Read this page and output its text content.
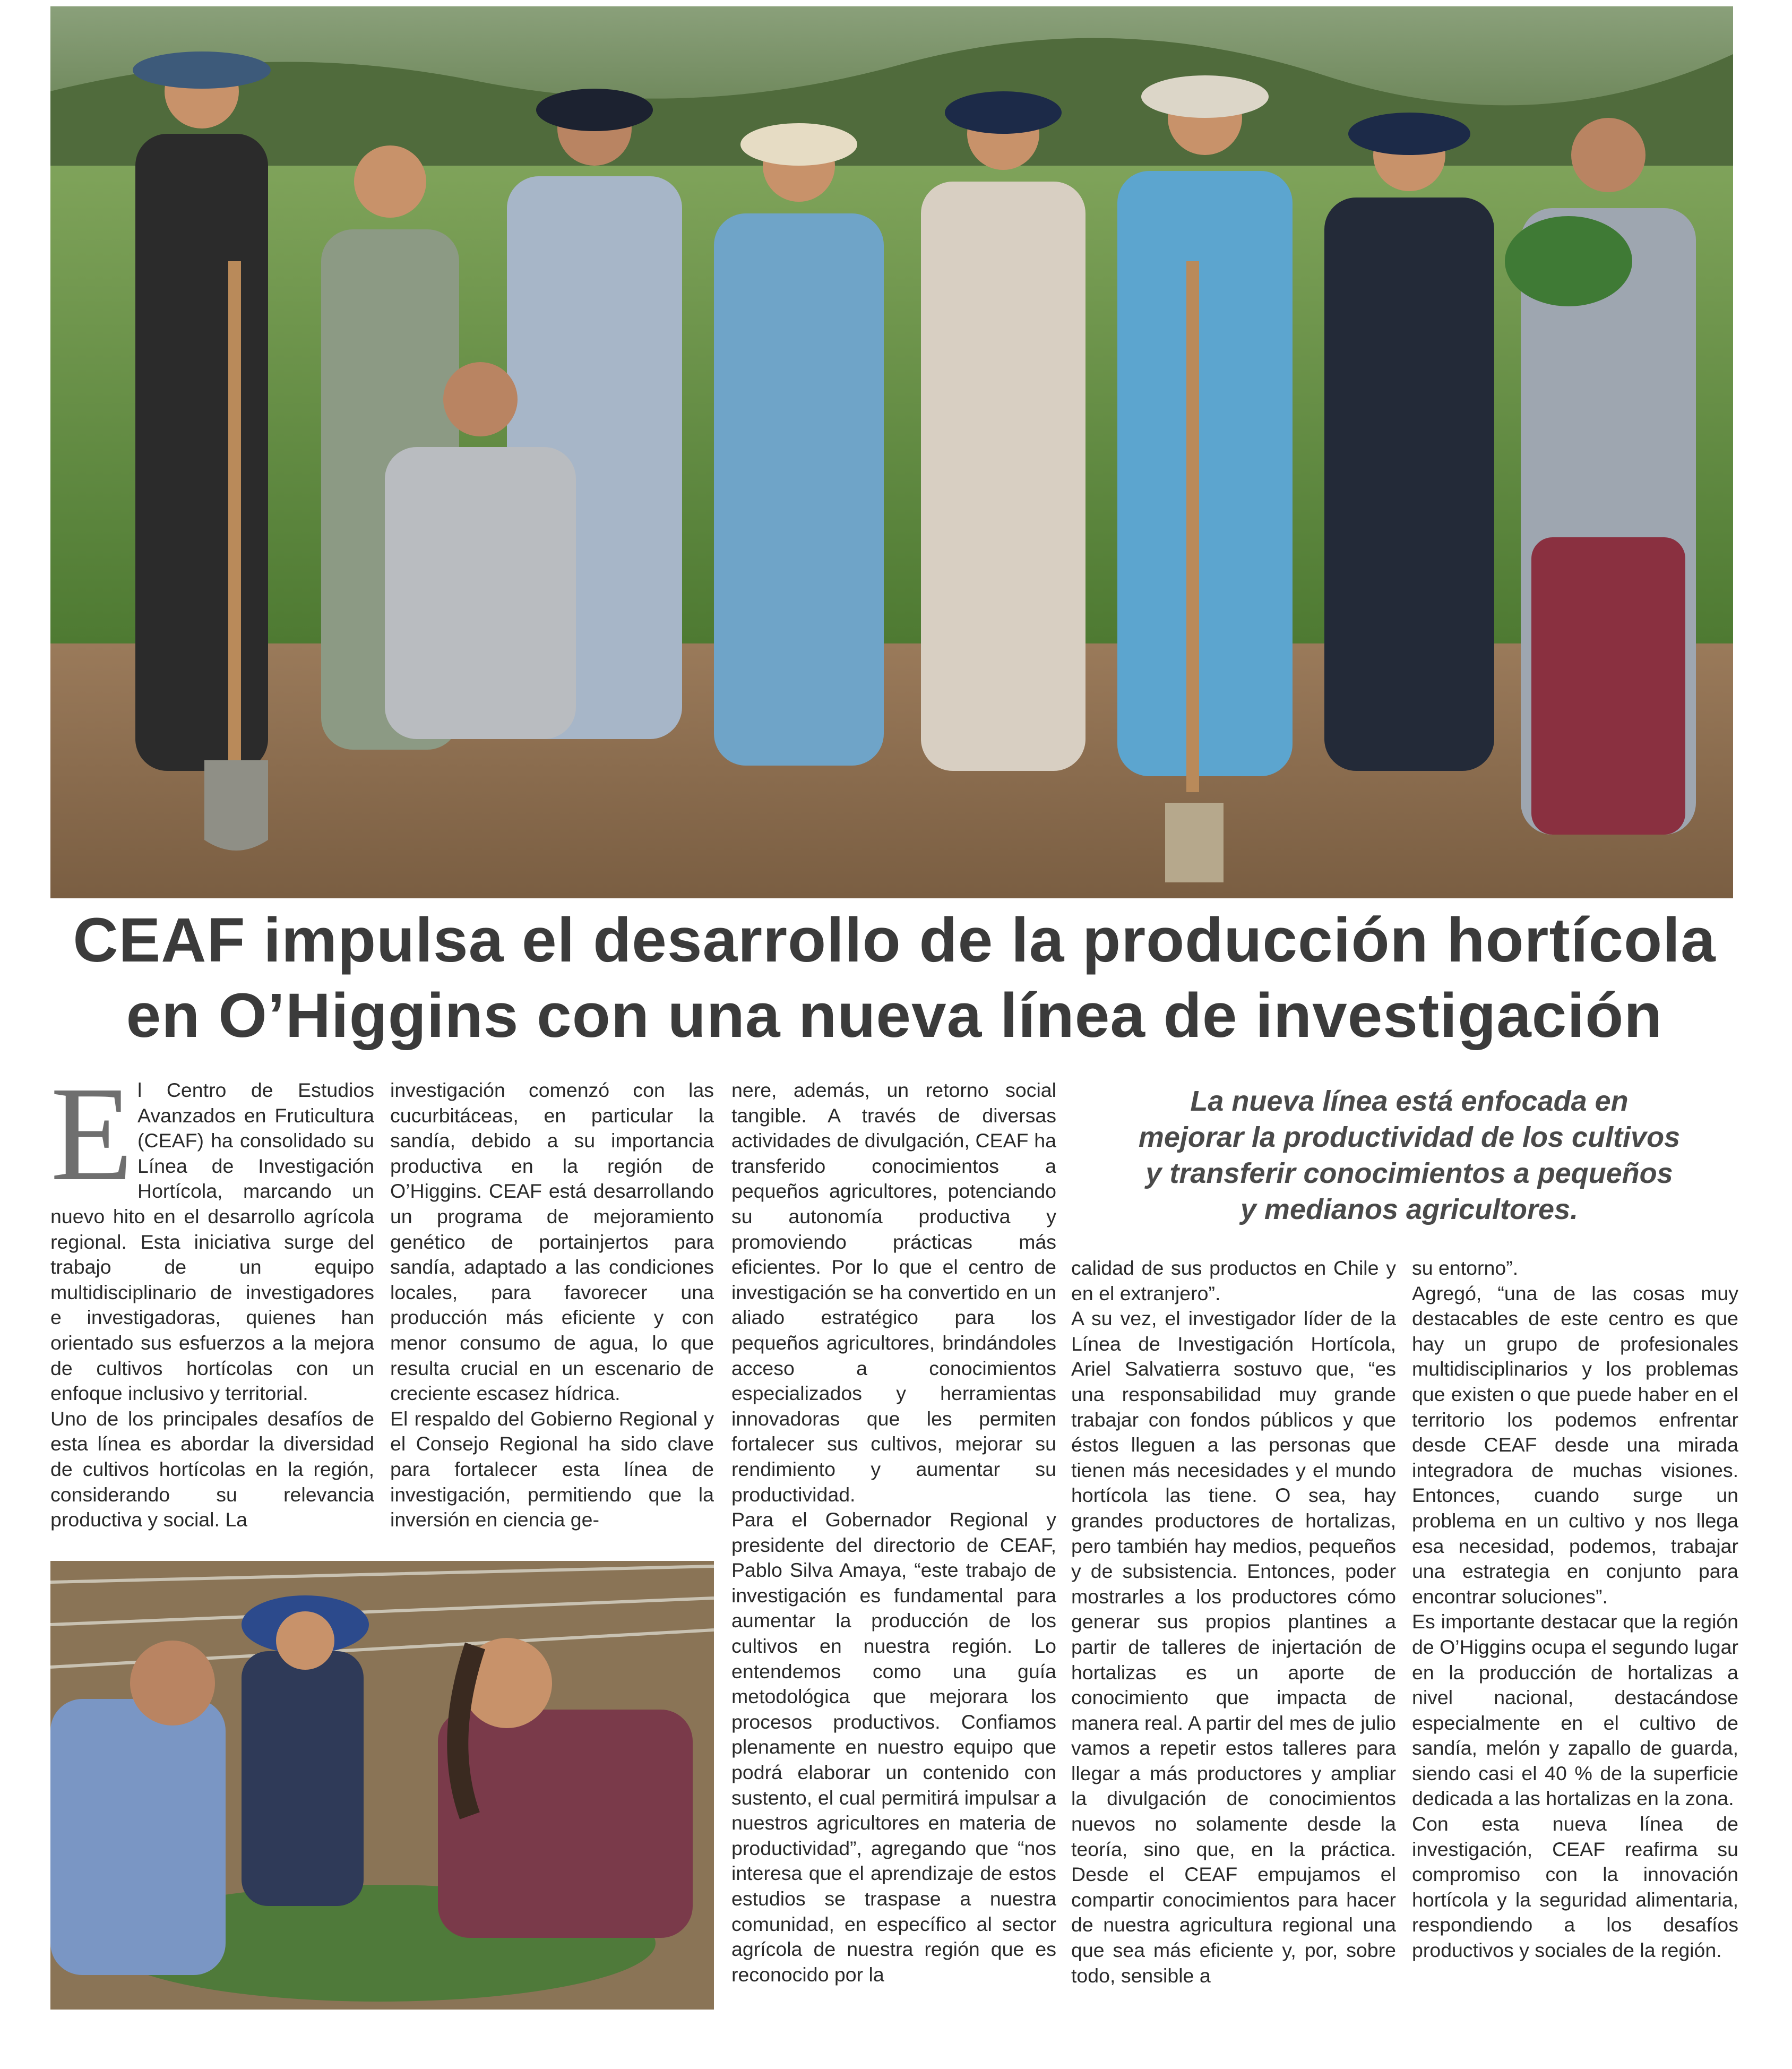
CEAF impulsa el desarrollo de la producción hortícola
en O’Higgins con una nueva línea de investigación
E l Centro de Estudios Avanzados en Fruticultura (CEAF) ha consolidado su Línea de Investigación Hortícola, marcando un nuevo hito en el desarrollo agrícola regional. Esta iniciativa surge del trabajo de un equipo multidisciplinario de investigadores e investigadoras, quienes han orientado sus esfuerzos a la mejora de cultivos hortícolas con un enfoque inclusivo y territorial.

Uno de los principales desafíos de esta línea es abordar la diversidad de cultivos hortícolas en la región, considerando su relevancia productiva y social. La

investigación comenzó con las cucurbitáceas, en particular la sandía, debido a su importancia productiva en la región de O’Higgins. CEAF está desarrollando un programa de mejoramiento genético de portainjertos para sandía, adaptado a las condiciones locales, para favorecer una producción más eficiente y con menor consumo de agua, lo que resulta crucial en un escenario de creciente escasez hídrica.

El respaldo del Gobierno Regional y el Consejo Regional ha sido clave para fortalecer esta línea de investigación, permitiendo que la inversión en ciencia ge-

nere, además, un retorno social tangible. A través de diversas actividades de divulgación, CEAF ha transferido conocimientos a pequeños agricultores, potenciando su autonomía productiva y promoviendo prácticas más eficientes. Por lo que el centro de investigación se ha convertido en un aliado estratégico para los pequeños agricultores, brindándoles acceso a conocimientos especializados y herramientas innovadoras que les permiten fortalecer sus cultivos, mejorar su rendimiento y aumentar su productividad.

Para el Gobernador Regional y presidente del directorio de CEAF, Pablo Silva Amaya, “este trabajo de investigación es fundamental para aumentar la producción de los cultivos en nuestra región. Lo entendemos como una guía metodológica que mejorara los procesos productivos. Confiamos plenamente en nuestro equipo que podrá elaborar un contenido con sustento, el cual permitirá impulsar a nuestros agricultores en materia de productividad”, agregando que “nos interesa que el aprendizaje de estos estudios se traspase a nuestra comunidad, en específico al sector agrícola de nuestra región que es reconocido por la

La nueva línea está enfocada en
mejorar la productividad de los cultivos
y transferir conocimientos a pequeños
y medianos agricultores.

calidad de sus productos en Chile y en el extranjero”.

A su vez, el investigador líder de la Línea de Investigación Hortícola, Ariel Salvatierra sostuvo que, “es una responsabilidad muy grande trabajar con fondos públicos y que éstos lleguen a las personas que tienen más necesidades y el mundo hortícola las tiene. O sea, hay grandes productores de hortalizas, pero también hay medios, pequeños y de subsistencia. Entonces, poder mostrarles a los productores cómo generar sus propios plantines a partir de talleres de injertación de hortalizas es un aporte de conocimiento que impacta de manera real. A partir del mes de julio vamos a repetir estos talleres para llegar a más productores y ampliar la divulgación de conocimientos nuevos no solamente desde la teoría, sino que, en la práctica. Desde el CEAF empujamos el compartir conocimientos para hacer de nuestra agricultura regional una que sea más eficiente y, por, sobre todo, sensible a

su entorno”.

Agregó, “una de las cosas muy destacables de este centro es que hay un grupo de profesionales multidisciplinarios y los problemas que existen o que puede haber en el territorio los podemos enfrentar desde CEAF desde una mirada integradora de muchas visiones. Entonces, cuando surge un problema en un cultivo y nos llega esa necesidad, podemos, trabajar una estrategia en conjunto para encontrar soluciones”.

Es importante destacar que la región de O’Higgins ocupa el segundo lugar en la producción de hortalizas a nivel nacional, destacándose especialmente en el cultivo de sandía, melón y zapallo de guarda, siendo casi el 40 % de la superficie dedicada a las hortalizas en la zona.

Con esta nueva línea de investigación, CEAF reafirma su compromiso con la innovación hortícola y la seguridad alimentaria, respondiendo a los desafíos productivos y sociales de la región.
